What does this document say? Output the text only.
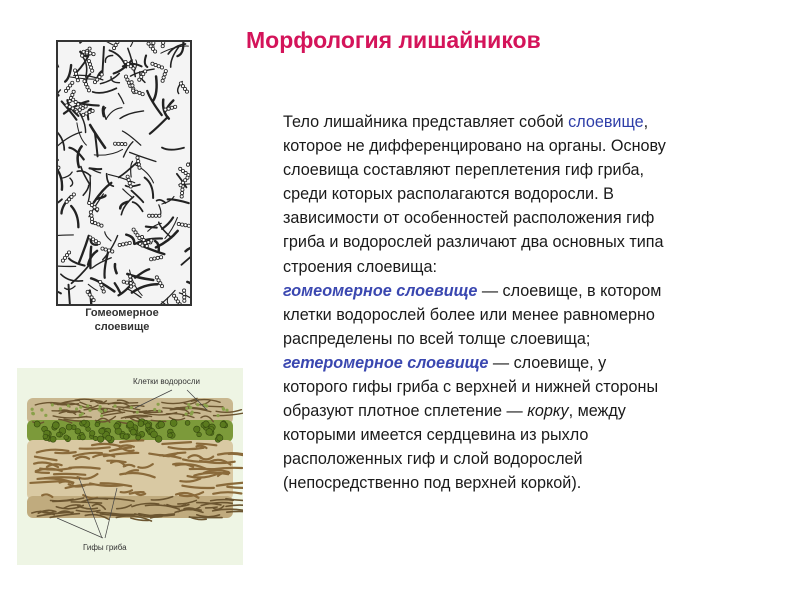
Морфология лишайников
Гомеомерное
слоевище
Клетки водоросли
Гифы гриба
Тело лишайника представляет собой слоевище,
которое не дифференцировано на органы. Основу
слоевища составляют переплетения гиф гриба,
среди которых располагаются водоросли. В
зависимости от особенностей расположения гиф
гриба и водорослей различают два основных типа
строения слоевища:
гомеомерное слоевище — слоевище, в котором
клетки водорослей более или менее равномерно
распределены по всей толще слоевища;
гетеромерное слоевище — слоевище, у
которого гифы гриба с верхней и нижней стороны
образуют плотное сплетение — корку, между
которыми имеется сердцевина из рыхло
расположенных гиф и слой водорослей
(непосредственно под верхней коркой).
